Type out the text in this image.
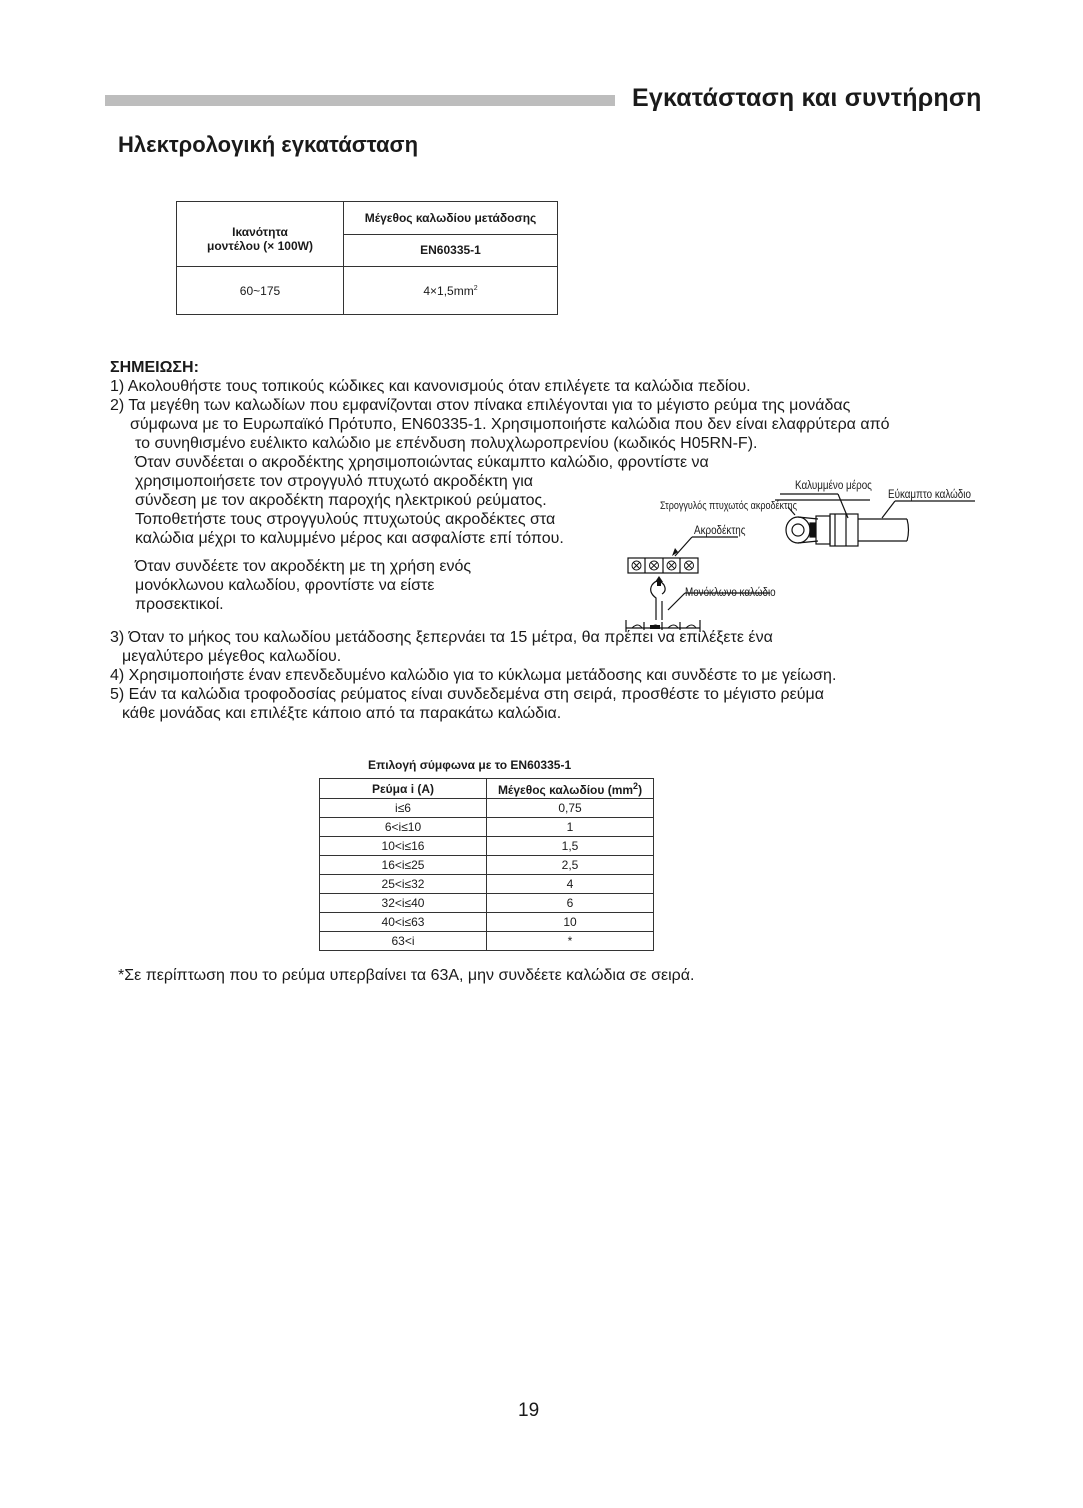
Εγκατάσταση και συντήρηση
Ηλεκτρολογική εγκατάσταση
Ικανότητα
μοντέλου (× 100W)	Μέγεθος καλωδίου μετάδοσης
	EN60335-1
60~175	$4\times 1,5mm^2$
ΣΗΜΕΙΩΣΗ:
1) Ακολουθήστε τους τοπικούς κώδικες και κανονισμούς όταν επιλέγετε τα καλώδια πεδίου.
2) Τα μεγέθη των καλωδίων που εμφανίζονται στον πίνακα επιλέγονται για το μέγιστο ρεύμα της μονάδας
σύμφωνα με το Ευρωπαϊκό Πρότυπο, EN60335-1. Χρησιμοποιήστε καλώδια που δεν είναι ελαφρύτερα από
το συνηθισμένο ευέλικτο καλώδιο με επένδυση πολυχλωροπρενίου (κωδικός H05RN-F).
Όταν συνδέεται ο ακροδέκτης χρησιμοποιώντας εύκαμπτο καλώδιο, φροντίστε να
χρησιμοποιήσετε τον στρογγυλό πτυχωτό ακροδέκτη για
σύνδεση με τον ακροδέκτη παροχής ηλεκτρικού ρεύματος.
Τοποθετήστε τους στρογγυλούς πτυχωτούς ακροδέκτες στα
καλώδια μέχρι το καλυμμένο μέρος και ασφαλίστε επί τόπου.
Όταν συνδέετε τον ακροδέκτη με τη χρήση ενός
μονόκλωνου καλωδίου, φροντίστε να είστε
προσεκτικοί.
3) Όταν το μήκος του καλωδίου μετάδοσης ξεπερνάει τα 15 μέτρα, θα πρέπει να επιλέξετε ένα
μεγαλύτερο μέγεθος καλωδίου.
4) Χρησιμοποιήστε έναν επενδεδυμένο καλώδιο για το κύκλωμα μετάδοσης και συνδέστε το με γείωση.
5) Εάν τα καλώδια τροφοδοσίας ρεύματος είναι συνδεδεμένα στη σειρά, προσθέστε το μέγιστο ρεύμα
κάθε μονάδας και επιλέξτε κάποιο από τα παρακάτω καλώδια.
Καλυμμένο μέρος
Εύκαμπτο καλώδιο
Στρογγυλός πτυχωτός ακροδέκτης
Ακροδέκτης
Μονόκλωνο καλώδιο
Επιλογή σύμφωνα με το EN60335-1
Ρεύμα i (A)	Μέγεθος καλωδίου $(mm^2)$
i≤6	0,75
6<i≤10	1
10<i≤16	1,5
16<i≤25	2,5
25<i≤32	4
32<i≤40	6
40<i≤63	10
63<i	*
*Σε περίπτωση που το ρεύμα υπερβαίνει τα 63A, μην συνδέετε καλώδια σε σειρά.
19
